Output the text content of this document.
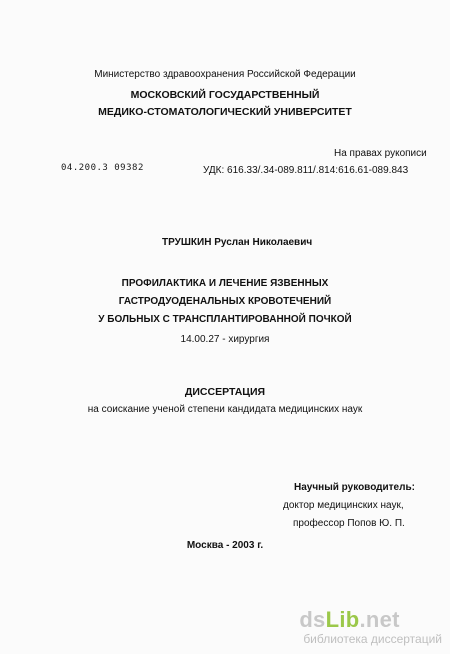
Министерство здравоохранения Российской Федерации
МОСКОВСКИЙ ГОСУДАРСТВЕННЫЙ
МЕДИКО-СТОМАТОЛОГИЧЕСКИЙ УНИВЕРСИТЕТ
На правах рукописи
04.200.3 09382	УДК: 616.33/.34-089.811/.814:616.61-089.843
ТРУШКИН Руслан Николаевич
ПРОФИЛАКТИКА И ЛЕЧЕНИЕ ЯЗВЕННЫХ
ГАСТРОДУОДЕНАЛЬНЫХ КРОВОТЕЧЕНИЙ
У БОЛЬНЫХ С ТРАНСПЛАНТИРОВАННОЙ ПОЧКОЙ
14.00.27 - хирургия
ДИССЕРТАЦИЯ
на соискание ученой степени кандидата медицинских наук
Научный руководитель:
доктор медицинских наук,
профессор Попов Ю. П.
Москва - 2003 г.
dsLib.net
библиотека диссертаций
